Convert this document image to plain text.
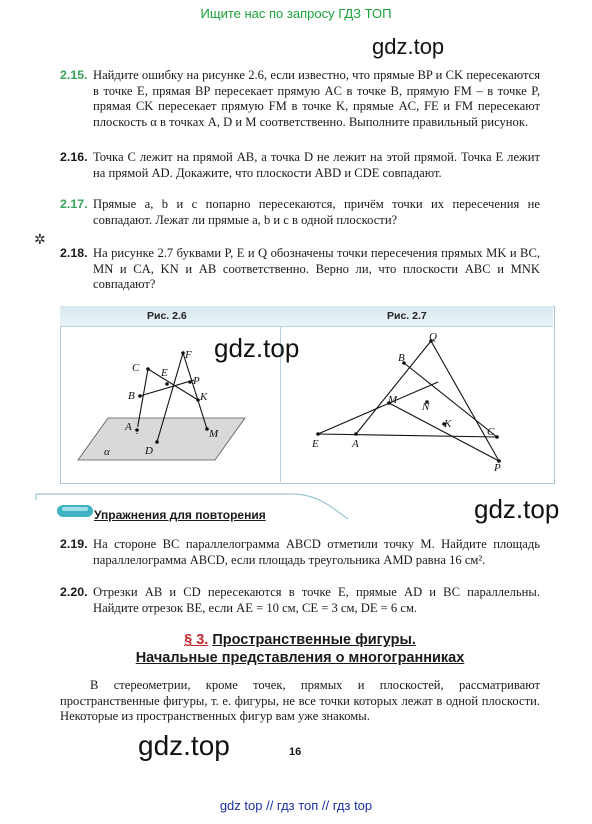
Ищите нас по запросу ГДЗ ТОП
gdz.top
2.15. Найдите ошибку на рисунке 2.6, если известно, что прямые BP и CK пересекаются в точке E, прямая BP пересекает прямую AC в точке B, прямую FM – в точке P, прямая CK пересекает прямую FM в точке K, прямые AC, FE и FM пересекают плоскость α в точках A, D и M соответственно. Выполните правильный рисунок.
2.16. Точка C лежит на прямой AB, а точка D не лежит на этой прямой. Точка E лежит на прямой AD. Докажите, что плоскости ABD и CDE совпадают.
2.17. Прямые a, b и c попарно пересекаются, причём точки их пересечения не совпадают. Лежат ли прямые a, b и c в одной плоскости?
✲
2.18. На рисунке 2.7 буквами P, E и Q обозначены точки пересечения прямых MK и BC, MN и CA, KN и AB соответственно. Верно ли, что плоскости ABC и MNK совпадают?
Рис. 2.6	Рис. 2.7
F
C E
P
B	K
A
M
D
α
Q
B
M
N
K
C
E	A
P
gdz.top
Упражнения для повторения	gdz.top
2.19. На стороне BC параллелограмма ABCD отметили точку M. Найдите площадь параллелограмма ABCD, если площадь треугольника AMD равна 16 см².
2.20. Отрезки AB и CD пересекаются в точке E, прямые AD и BC параллельны. Найдите отрезок BE, если AE = 10 см, CE = 3 см, DE = 6 см.
§ 3. Пространственные фигуры.
Начальные представления о многогранниках
В стереометрии, кроме точек, прямых и плоскостей, рассматривают пространственные фигуры, т. е. фигуры, не все точки которых лежат в одной плоскости. Некоторые из пространственных фигур вам уже знакомы.
gdz.top	16
gdz top // гдз топ // гдз top
